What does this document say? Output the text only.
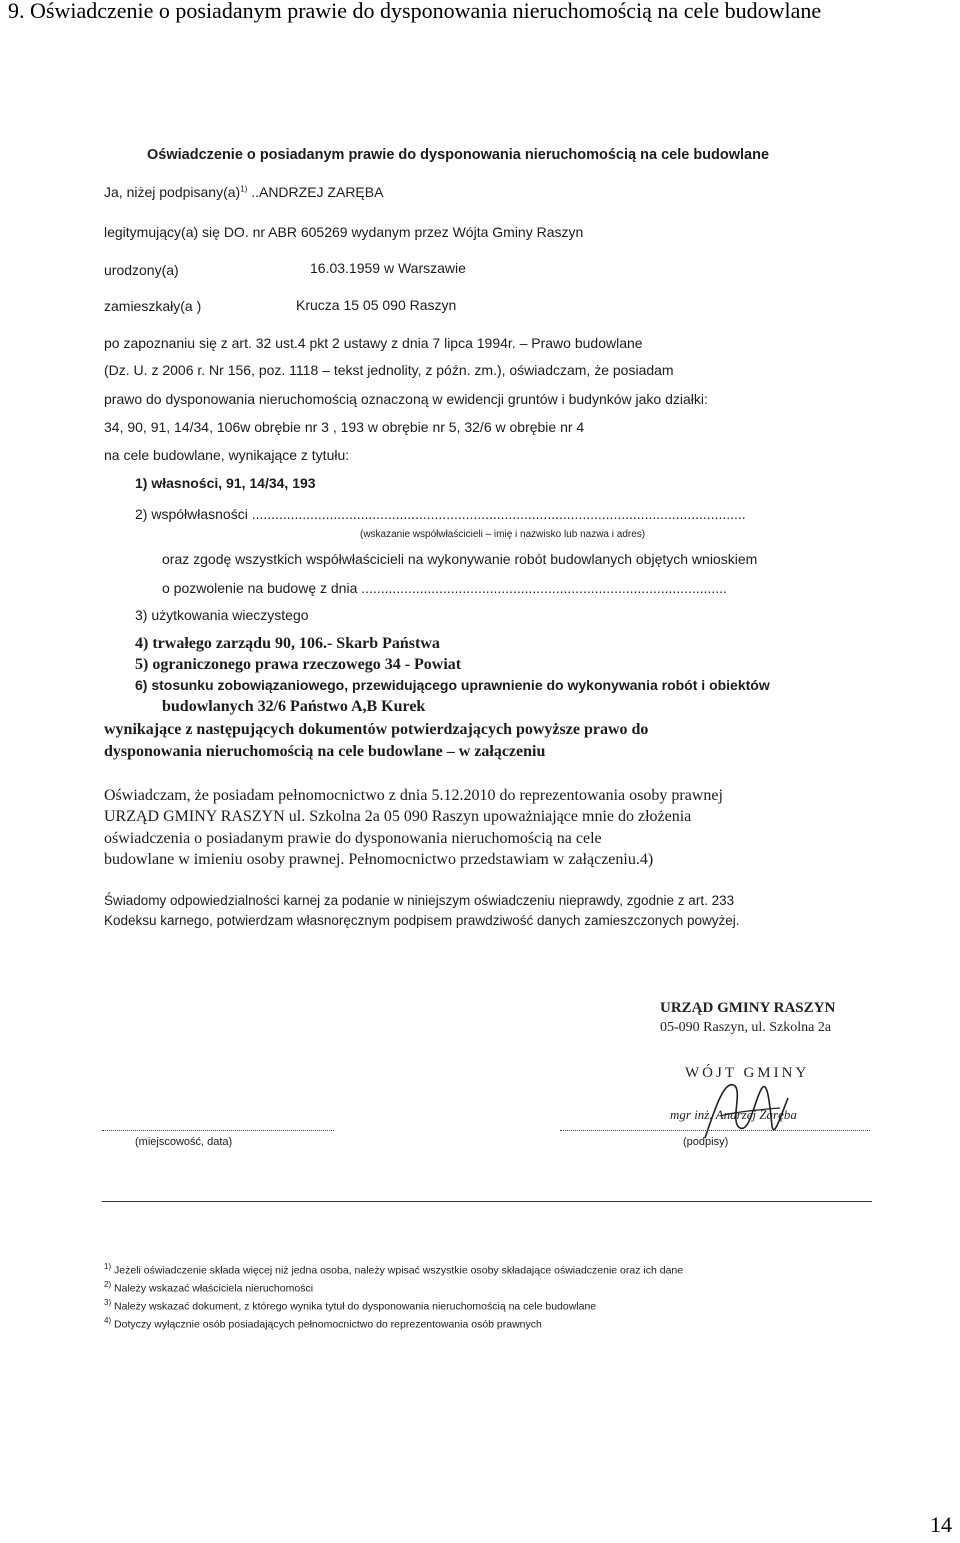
9. Oświadczenie o posiadanym prawie do dysponowania nieruchomością na cele budowlane
Oświadczenie o posiadanym prawie do dysponowania nieruchomością na cele budowlane
Ja, niżej $podpisany(a)^{1)}$ ..ANDRZEJ ZARĘBA
legitymujący(a) się DO. nr ABR 605269 wydanym przez Wójta Gminy Raszyn
urodzony(a)	16.03.1959 w Warszawie
zamieszkały(a )	Krucza 15 05 090 Raszyn
po zapoznaniu się z art. 32 ust.4 pkt 2 ustawy z dnia 7 lipca 1994r. – Prawo budowlane
(Dz. U. z 2006 r. Nr 156, poz. 1118 – tekst jednolity, z późn. zm.), oświadczam, że posiadam
prawo do dysponowania nieruchomością oznaczoną w ewidencji gruntów i budynków jako działki:
34, 90, 91, 14/34, 106w obrębie nr 3 , 193 w obrębie nr 5, 32/6 w obrębie nr 4
na cele budowlane, wynikające z tytułu:
1) własności, 91, 14/34, 193
2) współwłasności ...............................................................................................................................
(wskazanie współwłaścicieli – imię i nazwisko lub nazwa i adres)
oraz zgodę wszystkich współwłaścicieli na wykonywanie robót budowlanych objętych wnioskiem
o pozwolenie na budowę z dnia ..............................................................................................
3) użytkowania wieczystego
4) trwałego zarządu 90, 106.- Skarb Państwa
5) ograniczonego prawa rzeczowego 34 - Powiat
6) stosunku zobowiązaniowego, przewidującego uprawnienie do wykonywania robót i obiektów
budowlanych 32/6 Państwo A,B Kurek
wynikające z następujących dokumentów potwierdzających powyższe prawo do
dysponowania nieruchomością na cele budowlane – w załączeniu
Oświadczam, że posiadam pełnomocnictwo z dnia 5.12.2010 do reprezentowania osoby prawnej
URZĄD GMINY RASZYN ul. Szkolna 2a 05 090 Raszyn upoważniające mnie do złożenia
oświadczenia o posiadanym prawie do dysponowania nieruchomością na cele
budowlane w imieniu osoby prawnej. Pełnomocnictwo przedstawiam w załączeniu.4)
Świadomy odpowiedzialności karnej za podanie w niniejszym oświadczeniu nieprawdy, zgodnie z art. 233
Kodeksu karnego, potwierdzam własnoręcznym podpisem prawdziwość danych zamieszczonych powyżej.
URZĄD GMINY RASZYN
05-090 Raszyn, ul. Szkolna 2a
WÓJT GMINY
mgr inż. Andrzej Zaręba
(miejscowość, data)	(podpisy)
$^{1)}$ Jeżeli oświadczenie składa więcej niż jedna osoba, należy wpisać wszystkie osoby składające oświadczenie oraz ich dane
$^{2)}$ Należy wskazać właściciela nieruchomości
$^{3)}$ Należy wskazać dokument, z którego wynika tytuł do dysponowania nieruchomością na cele budowlane
$^{4)}$ Dotyczy wyłącznie osób posiadających pełnomocnictwo do reprezentowania osób prawnych
14
